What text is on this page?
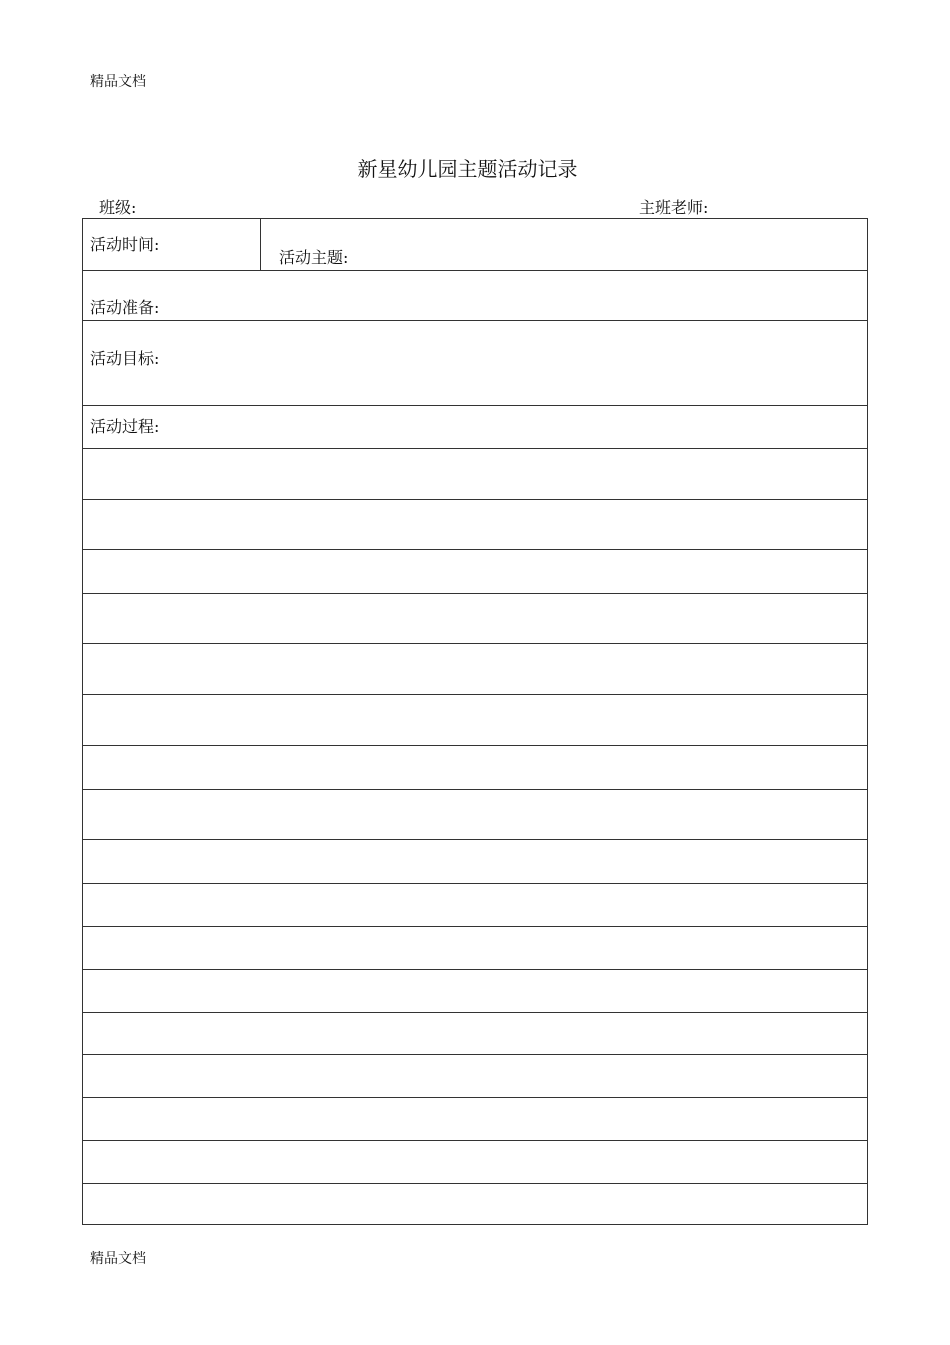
精品文档
新星幼儿园主题活动记录
班级:	主班老师:
活动时间:
活动主题:
活动准备:
活动目标:
活动过程:
精品文档
